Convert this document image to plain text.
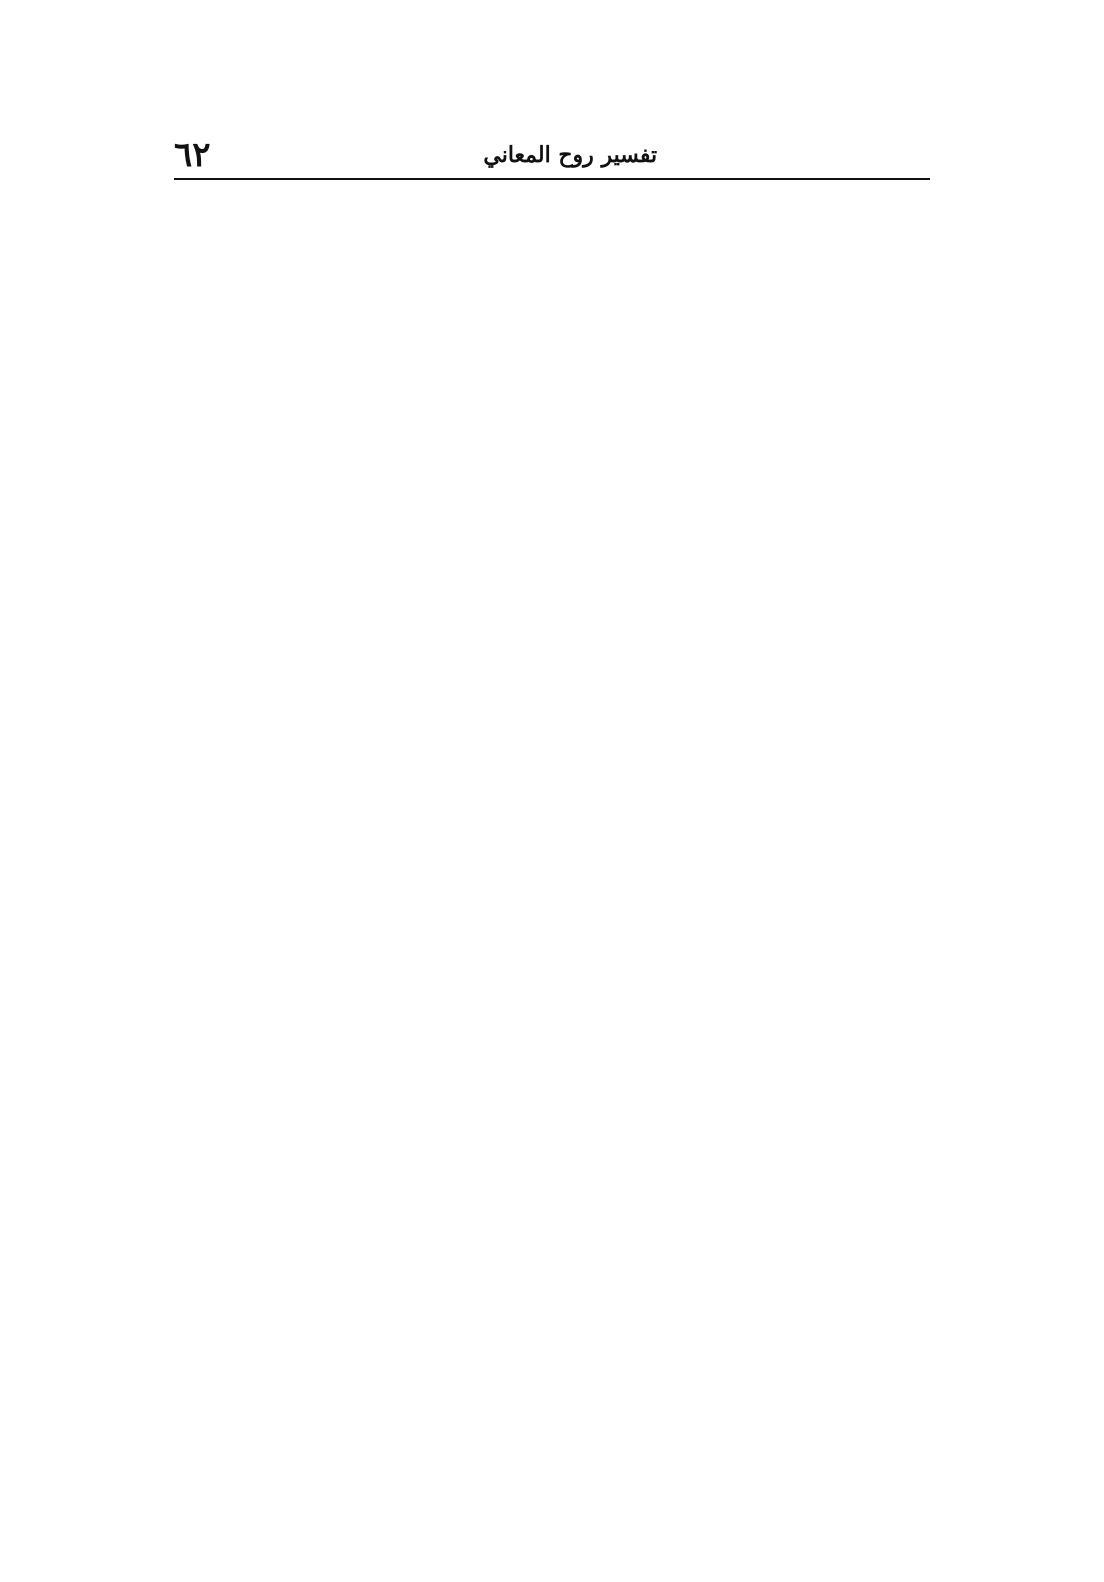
٦٢	تفسير روح المعاني
